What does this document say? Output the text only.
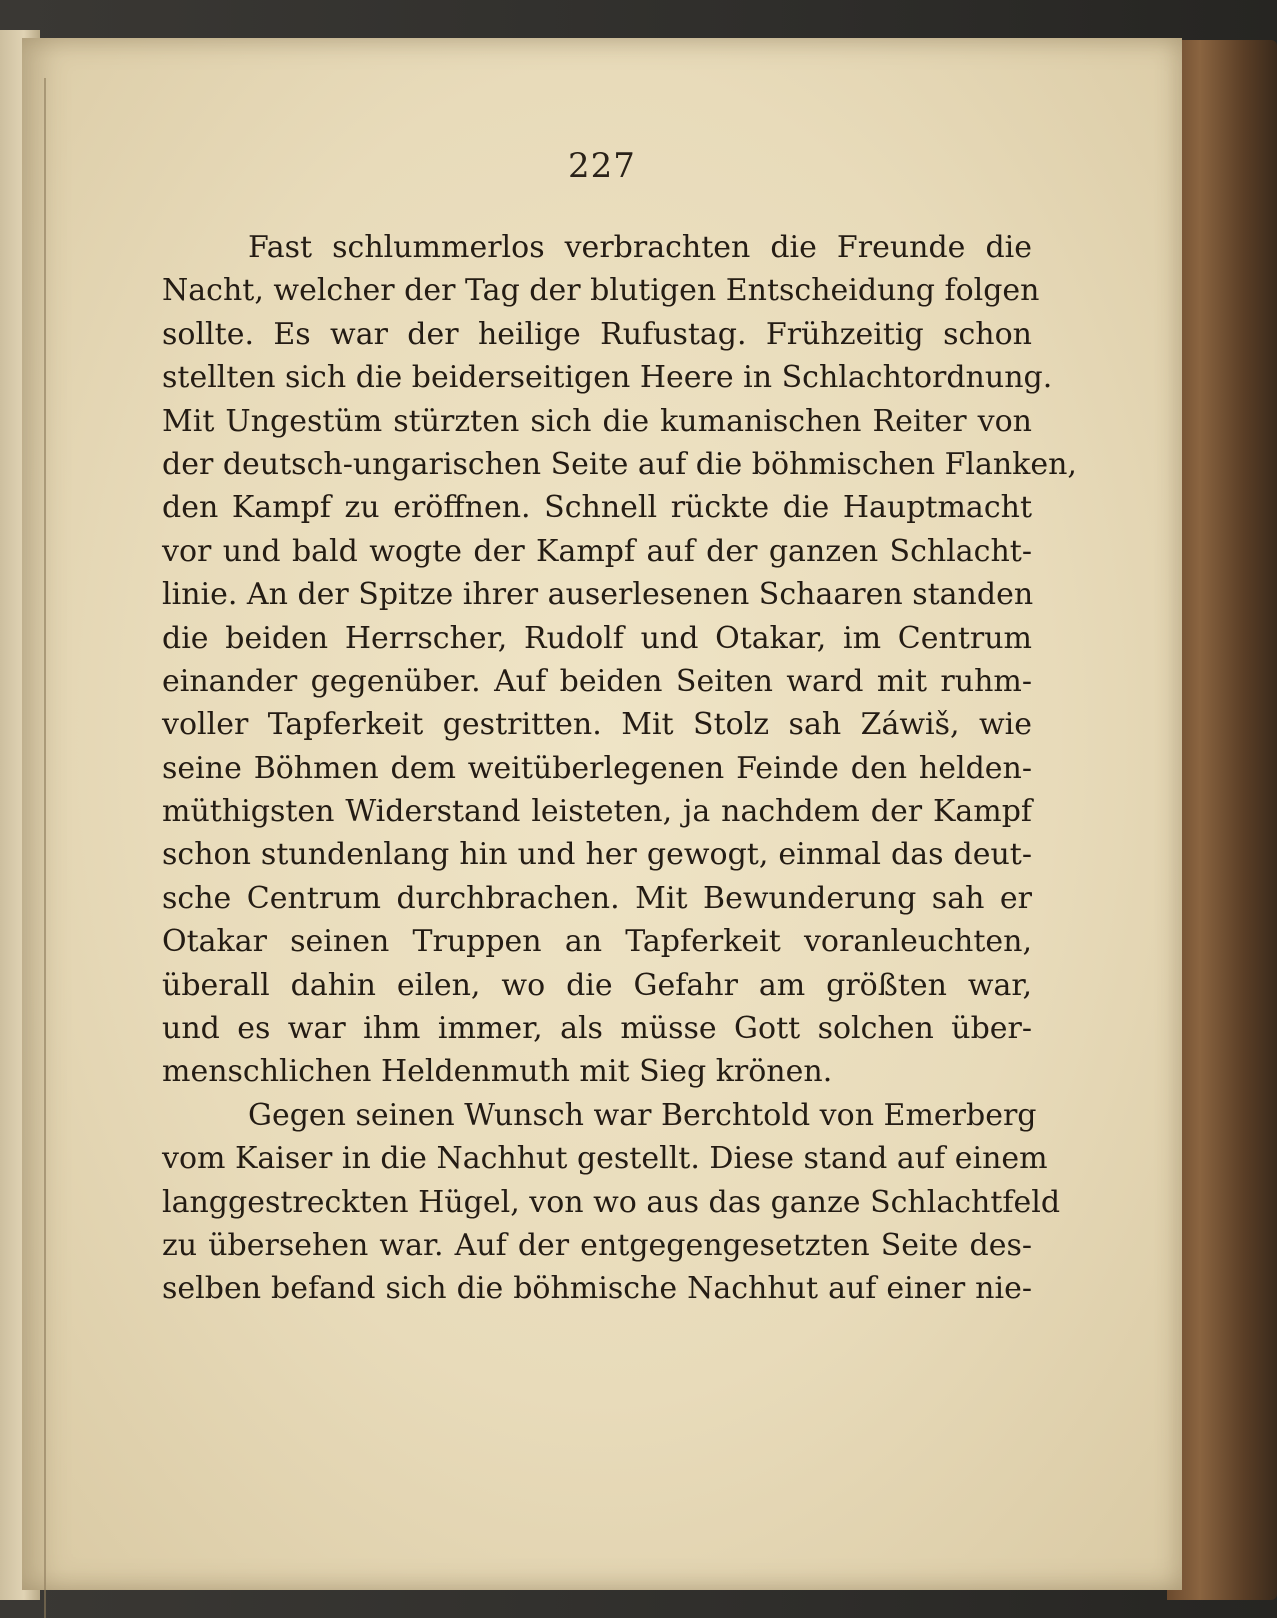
227
Fast schlummerlos verbrachten die Freunde die
Nacht, welcher der Tag der blutigen Entscheidung folgen
sollte. Es war der heilige Rufustag. Frühzeitig schon
stellten sich die beiderseitigen Heere in Schlachtordnung.
Mit Ungestüm stürzten sich die kumanischen Reiter von
der deutsch-ungarischen Seite auf die böhmischen Flanken,
den Kampf zu eröffnen. Schnell rückte die Hauptmacht
vor und bald wogte der Kampf auf der ganzen Schlacht-
linie. An der Spitze ihrer auserlesenen Schaaren standen
die beiden Herrscher, Rudolf und Otakar, im Centrum
einander gegenüber. Auf beiden Seiten ward mit ruhm-
voller Tapferkeit gestritten. Mit Stolz sah Záwiš, wie
seine Böhmen dem weitüberlegenen Feinde den helden-
müthigsten Widerstand leisteten, ja nachdem der Kampf
schon stundenlang hin und her gewogt, einmal das deut-
sche Centrum durchbrachen. Mit Bewunderung sah er
Otakar seinen Truppen an Tapferkeit voranleuchten,
überall dahin eilen, wo die Gefahr am größten war,
und es war ihm immer, als müsse Gott solchen über-
menschlichen Heldenmuth mit Sieg krönen.
Gegen seinen Wunsch war Berchtold von Emerberg
vom Kaiser in die Nachhut gestellt. Diese stand auf einem
langgestreckten Hügel, von wo aus das ganze Schlachtfeld
zu übersehen war. Auf der entgegengesetzten Seite des-
selben befand sich die böhmische Nachhut auf einer nie-
